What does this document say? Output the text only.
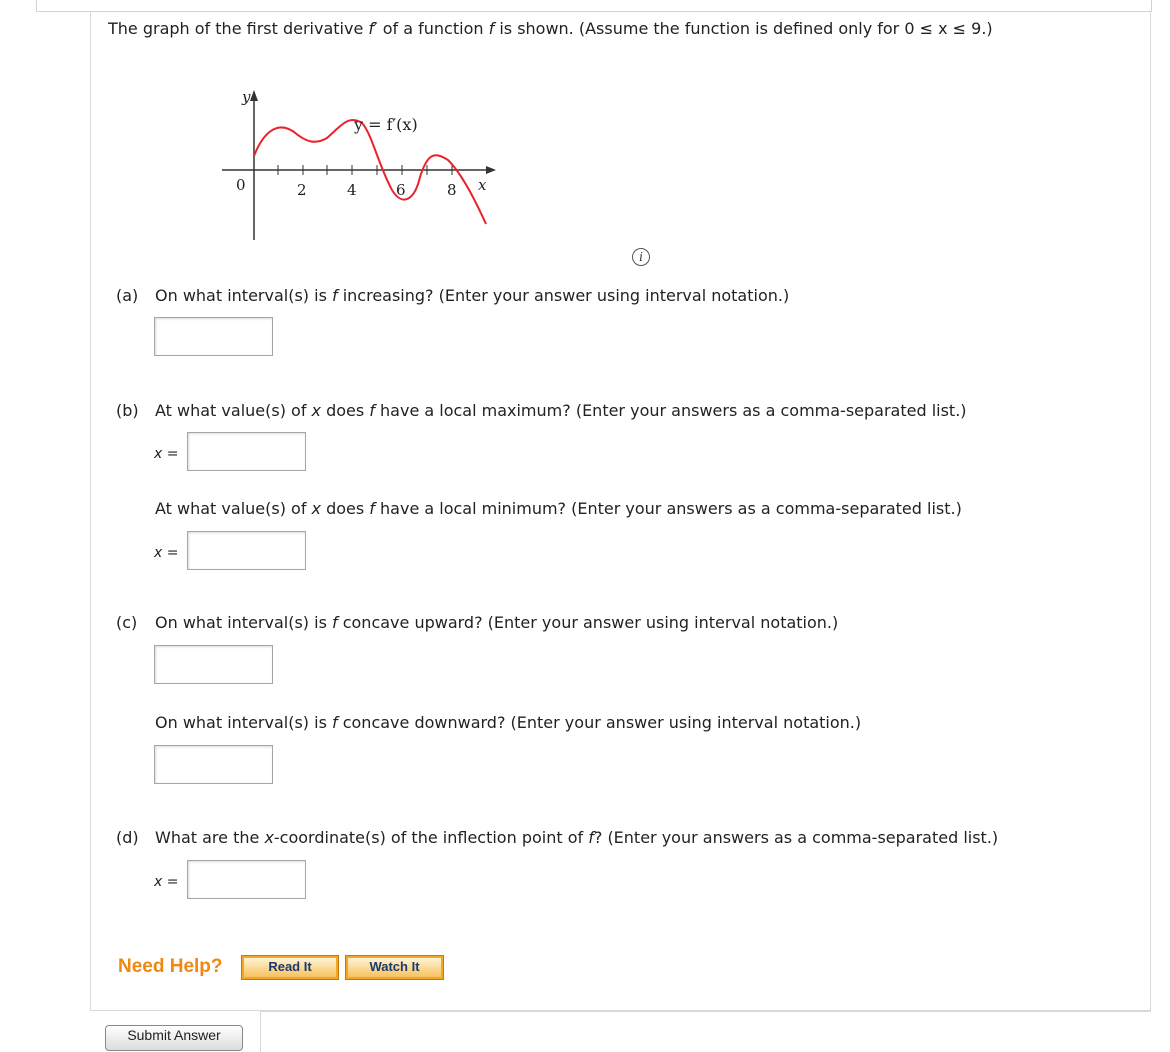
The graph of the first derivative f′ of a function f is shown. (Assume the function is defined only for 0 ≤ x ≤ 9.)
y
x
y = f′(x)
0	2	4	6	8
i
(a) On what interval(s) is f increasing? (Enter your answer using interval notation.)
(b) At what value(s) of x does f have a local maximum? (Enter your answers as a comma-separated list.)
x =
At what value(s) of x does f have a local minimum? (Enter your answers as a comma-separated list.)
x =
(c) On what interval(s) is f concave upward? (Enter your answer using interval notation.)
On what interval(s) is f concave downward? (Enter your answer using interval notation.)
(d) What are the x-coordinate(s) of the inflection point of f? (Enter your answers as a comma-separated list.)
x =
Need Help?	Read It	Watch It
Submit Answer
